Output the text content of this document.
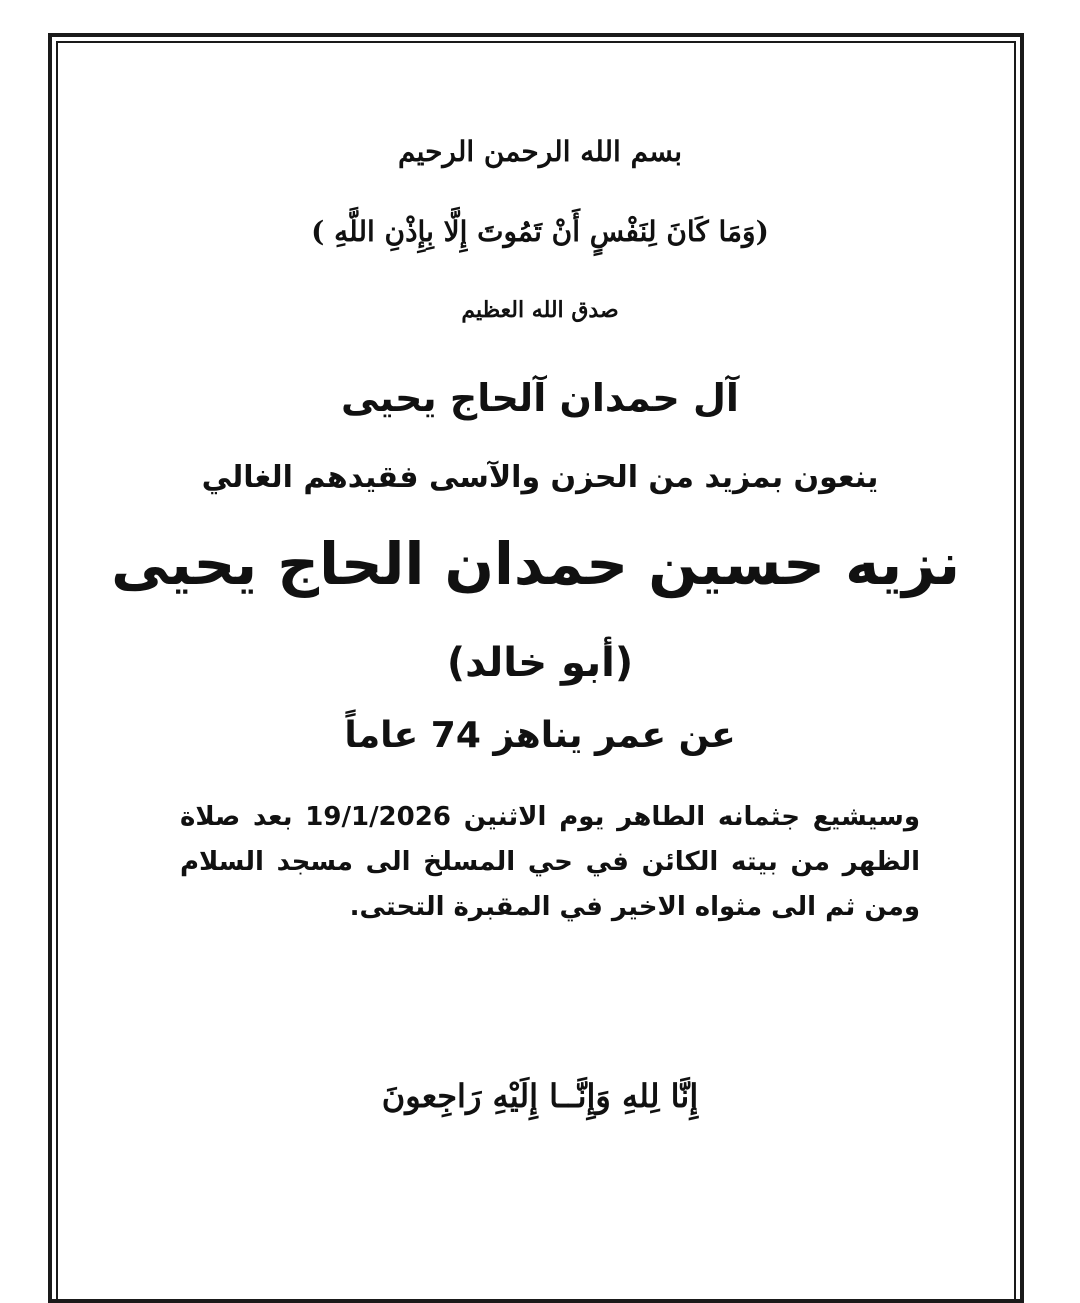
بسم الله الرحمن الرحيم
(وَمَا كَانَ لِنَفْسٍ أَنْ تَمُوتَ إِلَّا بِإِذْنِ اللَّهِ )
صدق الله العظيم
آل حمدان آلحاج يحيى
ينعون بمزيد من الحزن والآسى فقيدهم الغالي
نزيه حسين حمدان الحاج يحيى
(أبو خالد)
عن عمر يناهز 74 عاماً
وسيشيع جثمانه الطاهر يوم الاثنين 19/1/2026 بعد صلاة الظهر من بيته الكائن في حي المسلخ الى مسجد السلام ومن ثم الى مثواه الاخير في المقبرة التحتى.
إِنَّا لِلهِ وَإِنَّــا إِلَيْهِ رَاجِعونَ
